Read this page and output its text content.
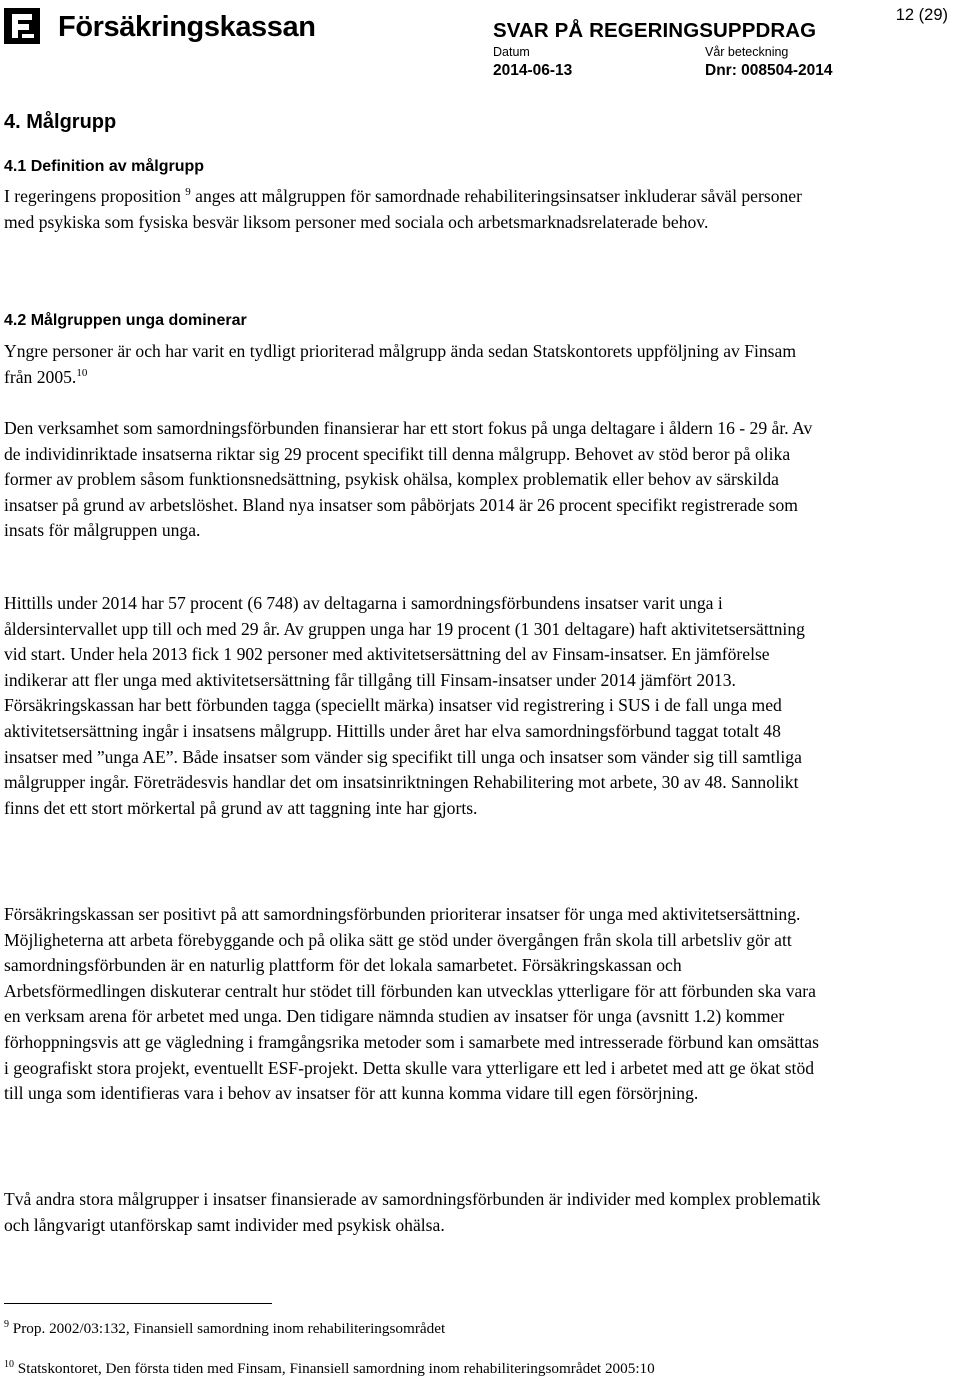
Försäkringskassan	SVAR PÅ REGERINGSUPPDRAG
Datum	Vår beteckning
2014-06-13	Dnr: 008504-2014
12 (29)
4. Målgrupp
4.1 Definition av målgrupp

I regeringens proposition $^9$ anges att målgruppen för samordnade rehabiliteringsinsatser inkluderar såväl personer med psykiska som fysiska besvär liksom personer med sociala och arbetsmarknadsrelaterade behov.

4.2 Målgruppen unga dominerar

Yngre personer är och har varit en tydligt prioriterad målgrupp ända sedan Statskontorets uppföljning av Finsam från 2005.10

Den verksamhet som samordningsförbunden finansierar har ett stort fokus på unga deltagare i åldern 16 - 29 år. Av de individinriktade insatserna riktar sig 29 procent specifikt till denna målgrupp. Behovet av stöd beror på olika former av problem såsom funktionsnedsättning, psykisk ohälsa, komplex problematik eller behov av särskilda insatser på grund av arbetslöshet. Bland nya insatser som påbörjats 2014 är 26 procent specifikt registrerade som insats för målgruppen unga.

Hittills under 2014 har 57 procent (6 748) av deltagarna i samordningsförbundens insatser varit unga i åldersintervallet upp till och med 29 år. Av gruppen unga har 19 procent (1 301 deltagare) haft aktivitetsersättning vid start. Under hela 2013 fick 1 902 personer med aktivitetsersättning del av Finsam-insatser. En jämförelse indikerar att fler unga med aktivitetsersättning får tillgång till Finsam-insatser under 2014 jämfört 2013. Försäkringskassan har bett förbunden tagga (speciellt märka) insatser vid registrering i SUS i de fall unga med aktivitetsersättning ingår i insatsens målgrupp. Hittills under året har elva samordningsförbund taggat totalt 48 insatser med ”unga AE”. Både insatser som vänder sig specifikt till unga och insatser som vänder sig till samtliga målgrupper ingår. Företrädesvis handlar det om insatsinriktningen Rehabilitering mot arbete, 30 av 48. Sannolikt finns det ett stort mörkertal på grund av att taggning inte har gjorts.

Försäkringskassan ser positivt på att samordningsförbunden prioriterar insatser för unga med aktivitetsersättning. Möjligheterna att arbeta förebyggande och på olika sätt ge stöd under övergången från skola till arbetsliv gör att samordningsförbunden är en naturlig plattform för det lokala samarbetet. Försäkringskassan och Arbetsförmedlingen diskuterar centralt hur stödet till förbunden kan utvecklas ytterligare för att förbunden ska vara en verksam arena för arbetet med unga. Den tidigare nämnda studien av insatser för unga (avsnitt 1.2) kommer förhoppningsvis att ge vägledning i framgångsrika metoder som i samarbete med intresserade förbund kan omsättas i geografiskt stora projekt, eventuellt ESF-projekt. Detta skulle vara ytterligare ett led i arbetet med att ge ökat stöd till unga som identifieras vara i behov av insatser för att kunna komma vidare till egen försörjning.

Två andra stora målgrupper i insatser finansierade av samordningsförbunden är individer med komplex problematik och långvarigt utanförskap samt individer med psykisk ohälsa.

$^9$ Prop. 2002/03:132, Finansiell samordning inom rehabiliteringsområdet
$^{10}$ Statskontoret, Den första tiden med Finsam, Finansiell samordning inom rehabiliteringsområdet 2005:10
